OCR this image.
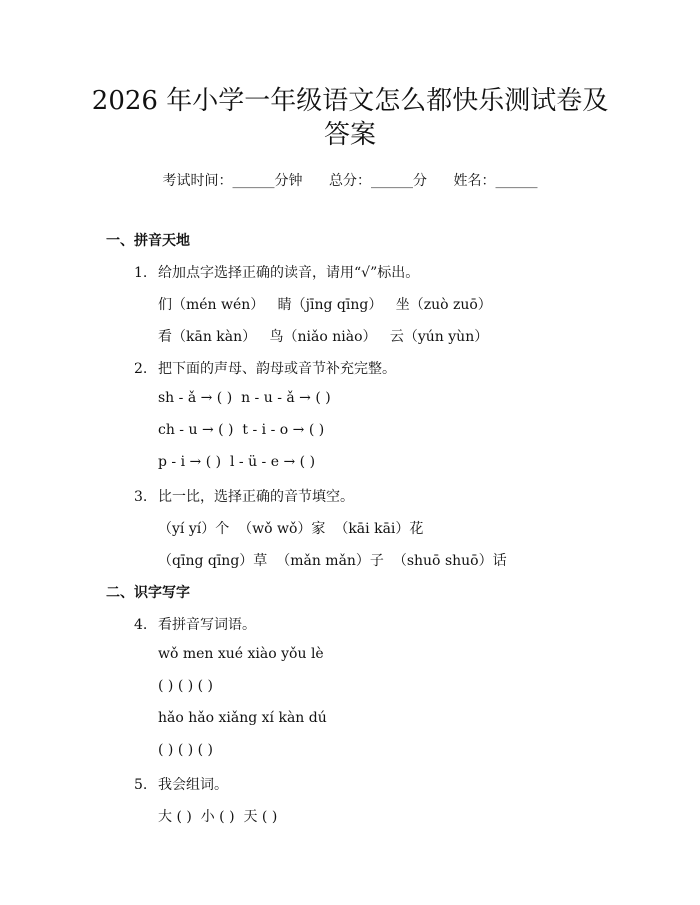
2026 年小学一年级语文怎么都快乐测试卷及
答案
考试时间：______分钟 总分：______分 姓名：______
一、拼音天地
1. 给加点字选择正确的读音，请用“√”标出。
们（mén wén） 睛（jīng qīng） 坐（zuò zuō）
看（kān kàn） 鸟（niǎo niào） 云（yún yùn）
2. 把下面的声母、韵母或音节补充完整。
sh - ǎ → ( ) n - u - ǎ → ( )
ch - u → ( ) t - i - o → ( )
p - i → ( ) l - ü - e → ( )
3. 比一比，选择正确的音节填空。
（yí yí）个 （wǒ wǒ）家 （kāi kāi）花
（qīng qīng）草 （mǎn mǎn）子 （shuō shuō）话
二、识字写字
4. 看拼音写词语。
wǒ men xué xiào yǒu lè
( ) ( ) ( )
hǎo hǎo xiǎng xí kàn dú
( ) ( ) ( )
5. 我会组词。
大 ( ) 小 ( ) 天 ( )
